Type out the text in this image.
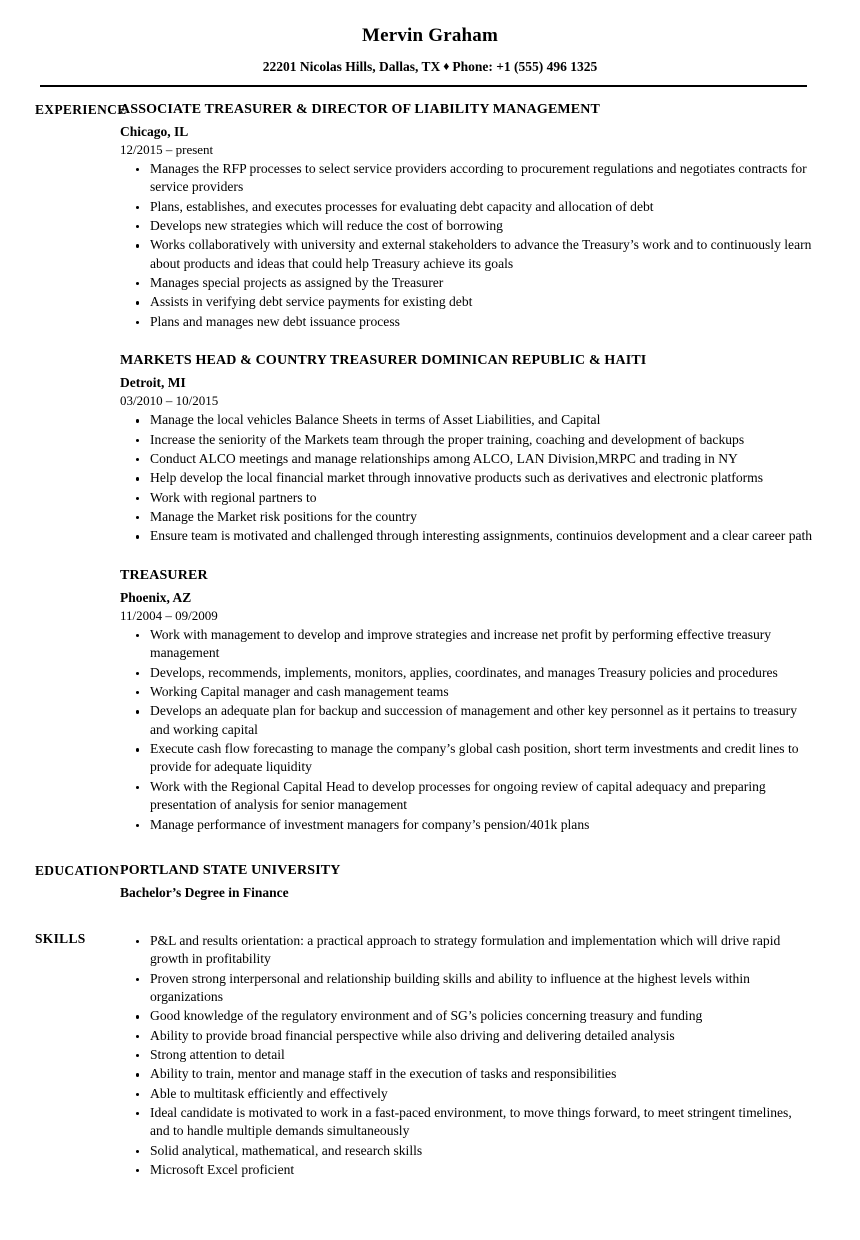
Mervin Graham
22201 Nicolas Hills, Dallas, TX ♦ Phone: +1 (555) 496 1325
EXPERIENCE
ASSOCIATE TREASURER & DIRECTOR OF LIABILITY MANAGEMENT
Chicago, IL
12/2015 – present
Manages the RFP processes to select service providers according to procurement regulations and negotiates contracts for service providers
Plans, establishes, and executes processes for evaluating debt capacity and allocation of debt
Develops new strategies which will reduce the cost of borrowing
Works collaboratively with university and external stakeholders to advance the Treasury’s work and to continuously learn about products and ideas that could help Treasury achieve its goals
Manages special projects as assigned by the Treasurer
Assists in verifying debt service payments for existing debt
Plans and manages new debt issuance process
MARKETS HEAD & COUNTRY TREASURER DOMINICAN REPUBLIC & HAITI
Detroit, MI
03/2010 – 10/2015
Manage the local vehicles Balance Sheets in terms of Asset Liabilities, and Capital
Increase the seniority of the Markets team through the proper training, coaching and development of backups
Conduct ALCO meetings and manage relationships among ALCO, LAN Division,MRPC and trading in NY
Help develop the local financial market through innovative products such as derivatives and electronic platforms
Work with regional partners to
Manage the Market risk positions for the country
Ensure team is motivated and challenged through interesting assignments, continuios development and a clear career path
TREASURER
Phoenix, AZ
11/2004 – 09/2009
Work with management to develop and improve strategies and increase net profit by performing effective treasury management
Develops, recommends, implements, monitors, applies, coordinates, and manages Treasury policies and procedures
Working Capital manager and cash management teams
Develops an adequate plan for backup and succession of management and other key personnel as it pertains to treasury and working capital
Execute cash flow forecasting to manage the company’s global cash position, short term investments and credit lines to provide for adequate liquidity
Work with the Regional Capital Head to develop processes for ongoing review of capital adequacy and preparing presentation of analysis for senior management
Manage performance of investment managers for company’s pension/401k plans
EDUCATION PORTLAND STATE UNIVERSITY
Bachelor’s Degree in Finance
SKILLS	P&L and results orientation: a practical approach to strategy formulation and implementation which will drive rapid growth in profitability
Proven strong interpersonal and relationship building skills and ability to influence at the highest levels within organizations
Good knowledge of the regulatory environment and of SG’s policies concerning treasury and funding
Ability to provide broad financial perspective while also driving and delivering detailed analysis
Strong attention to detail
Ability to train, mentor and manage staff in the execution of tasks and responsibilities
Able to multitask efficiently and effectively
Ideal candidate is motivated to work in a fast-paced environment, to move things forward, to meet stringent timelines, and to handle multiple demands simultaneously
Solid analytical, mathematical, and research skills
Microsoft Excel proficient
